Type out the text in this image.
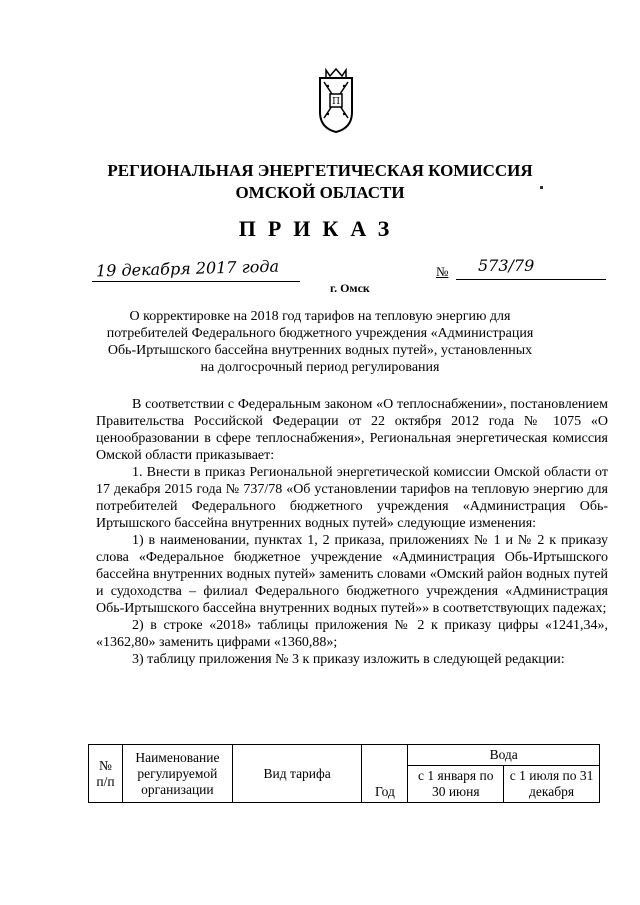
П
РЕГИОНАЛЬНАЯ ЭНЕРГЕТИЧЕСКАЯ КОМИССИЯ
ОМСКОЙ ОБЛАСТИ
ПРИКАЗ
19 декабря 2017 года	№ 573/79
г. Омск
О корректировке на 2018 год тарифов на тепловую энергию для
потребителей Федерального бюджетного учреждения «Администрация
Обь-Иртышского бассейна внутренних водных путей», установленных
на долгосрочный период регулирования

В соответствии с Федеральным законом «О теплоснабжении», постановлением Правительства Российской Федерации от 22 октября 2012 года № 1075 «О ценообразовании в сфере теплоснабжения», Региональная энергетическая комиссия Омской области приказывает:

1. Внести в приказ Региональной энергетической комиссии Омской области от 17 декабря 2015 года № 737/78 «Об установлении тарифов на тепловую энергию для потребителей Федерального бюджетного учреждения «Администрация Обь-Иртышского бассейна внутренних водных путей» следующие изменения:

1) в наименовании, пунктах 1, 2 приказа, приложениях № 1 и № 2 к приказу слова «Федеральное бюджетное учреждение «Администрация Обь-Иртышского бассейна внутренних водных путей» заменить словами «Омский район водных путей и судоходства – филиал Федерального бюджетного учреждения «Администрация Обь-Иртышского бассейна внутренних водных путей»» в соответствующих падежах;

2) в строке «2018» таблицы приложения № 2 к приказу цифры «1241,34», «1362,80» заменить цифрами «1360,88»;

3) таблицу приложения № 3 к приказу изложить в следующей редакции:

№ п/п	Наименование регулируемой организации	Вид тарифа	Год	Вода	
				с 1 января по 30 июня	с 1 июля по 31 декабря
